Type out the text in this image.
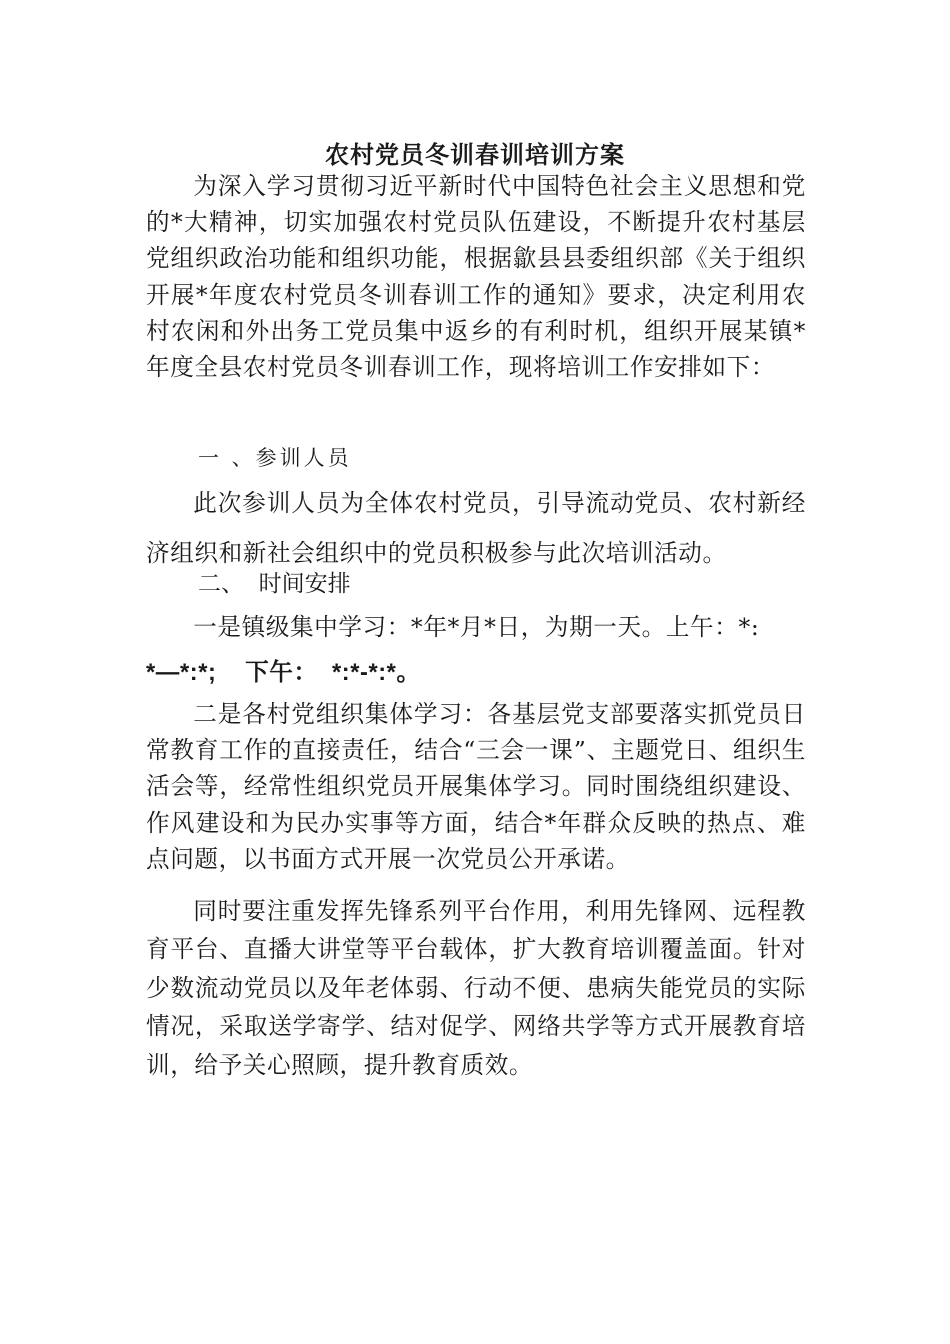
农村党员冬训春训培训方案

为深入学习贯彻习近平新时代中国特色社会主义思想和党的*大精神，切实加强农村党员队伍建设，不断提升农村基层党组织政治功能和组织功能，根据歙县县委组织部《关于组织开展*年度农村党员冬训春训工作的通知》要求，决定利用农村农闲和外出务工党员集中返乡的有利时机，组织开展某镇*年度全县农村党员冬训春训工作，现将培训工作安排如下：

一 、参训人员

此次参训人员为全体农村党员，引导流动党员、农村新经济组织和新社会组织中的党员积极参与此次培训活动。

二、  时间安排

一是镇级集中学习：*年*月*日，为期一天。上午：*:
*—*:*;    下午：  *:*-*:*。

二是各村党组织集体学习：各基层党支部要落实抓党员日常教育工作的直接责任，结合“三会一课”、主题党日、组织生活会等，经常性组织党员开展集体学习。同时围绕组织建设、作风建设和为民办实事等方面，结合*年群众反映的热点、难点问题，以书面方式开展一次党员公开承诺。

同时要注重发挥先锋系列平台作用，利用先锋网、远程教育平台、直播大讲堂等平台载体，扩大教育培训覆盖面。针对少数流动党员以及年老体弱、行动不便、患病失能党员的实际情况，采取送学寄学、结对促学、网络共学等方式开展教育培训，给予关心照顾，提升教育质效。
